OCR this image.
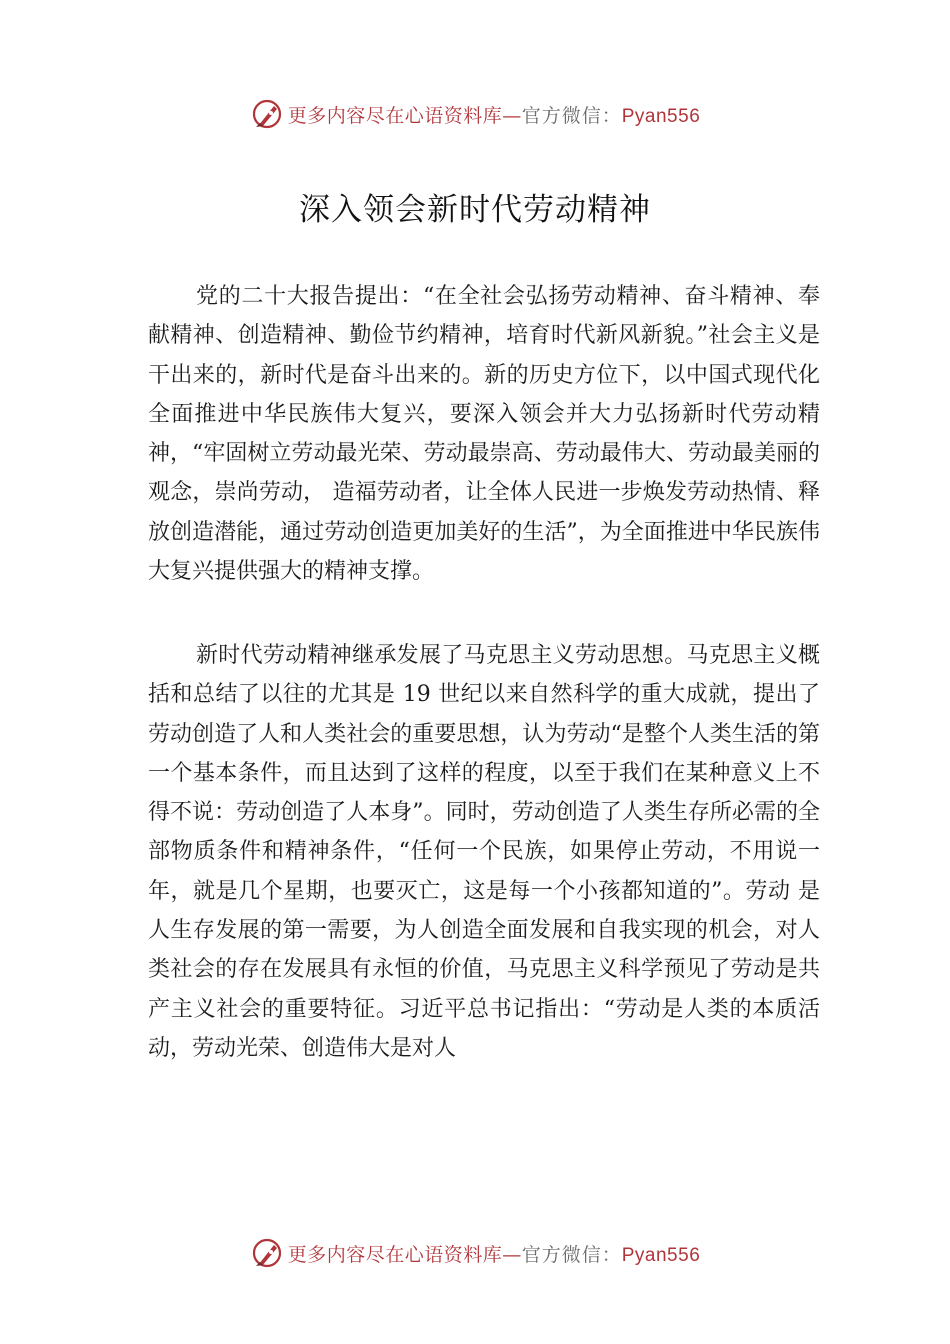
更多内容尽在心语资料库—官方微信：Pyan556
深入领会新时代劳动精神

党的二十大报告提出：“在全社会弘扬劳动精神、奋斗精神、奉献精神、创造精神、勤俭节约精神，培育时代新风新貌。”社会主义是干出来的，新时代是奋斗出来的。新的历史方位下，以中国式现代化全面推进中华民族伟大复兴，要深入领会并大力弘扬新时代劳动精神，“牢固树立劳动最光荣、劳动最崇高、劳动最伟大、劳动最美丽的观念，崇尚劳动， 造福劳动者，让全体人民进一步焕发劳动热情、释放创造潜能，通过劳动创造更加美好的生活”，为全面推进中华民族伟大复兴提供强大的精神支撑。

新时代劳动精神继承发展了马克思主义劳动思想。马克思主义概括和总结了以往的尤其是 19 世纪以来自然科学的重大成就，提出了劳动创造了人和人类社会的重要思想，认为劳动“是整个人类生活的第一个基本条件，而且达到了这样的程度，以至于我们在某种意义上不得不说：劳动创造了人本身”。同时，劳动创造了人类生存所必需的全部物质条件和精神条件，“任何一个民族，如果停止劳动，不用说一年，就是几个星期，也要灭亡，这是每一个小孩都知道的”。劳动 是人生存发展的第一需要，为人创造全面发展和自我实现的机会，对人类社会的存在发展具有永恒的价值，马克思主义科学预见了劳动是共产主义社会的重要特征。习近平总书记指出：“劳动是人类的本质活动，劳动光荣、创造伟大是对人

更多内容尽在心语资料库—官方微信：Pyan556
